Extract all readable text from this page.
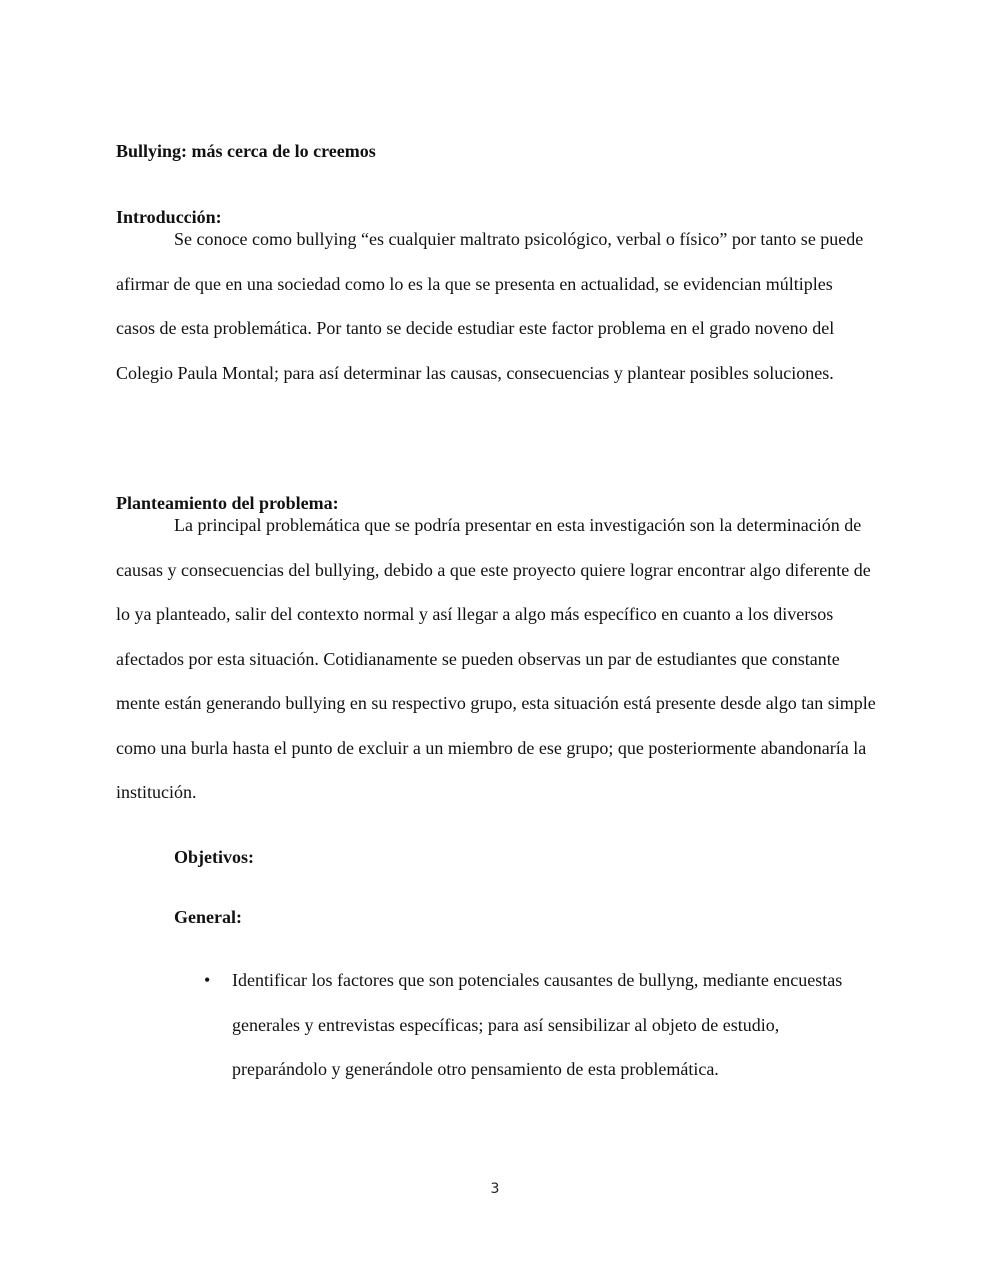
Bullying: más cerca de lo creemos

Introducción:

Se conoce como bullying “es cualquier maltrato psicológico, verbal o físico” por tanto se puede afirmar de que en una sociedad como lo es la que se presenta en actualidad, se evidencian múltiples casos de esta problemática. Por tanto se decide estudiar este factor problema en el grado noveno del Colegio Paula Montal; para así determinar las causas, consecuencias y plantear posibles soluciones.

Planteamiento del problema:

La principal problemática que se podría presentar en esta investigación son la determinación de causas y consecuencias del bullying, debido a que este proyecto quiere lograr encontrar algo diferente de lo ya planteado, salir del contexto normal y así llegar a algo más específico en cuanto a los diversos afectados por esta situación. Cotidianamente se pueden observas un par de estudiantes que constante mente están generando bullying en su respectivo grupo, esta situación está presente desde algo tan simple como una burla hasta el punto de excluir a un miembro de ese grupo; que posteriormente abandonaría la institución.

Objetivos:

General:

• Identificar los factores que son potenciales causantes de bullyng, mediante encuestas generales y entrevistas específicas; para así sensibilizar al objeto de estudio, preparándolo y generándole otro pensamiento de esta problemática.
3
